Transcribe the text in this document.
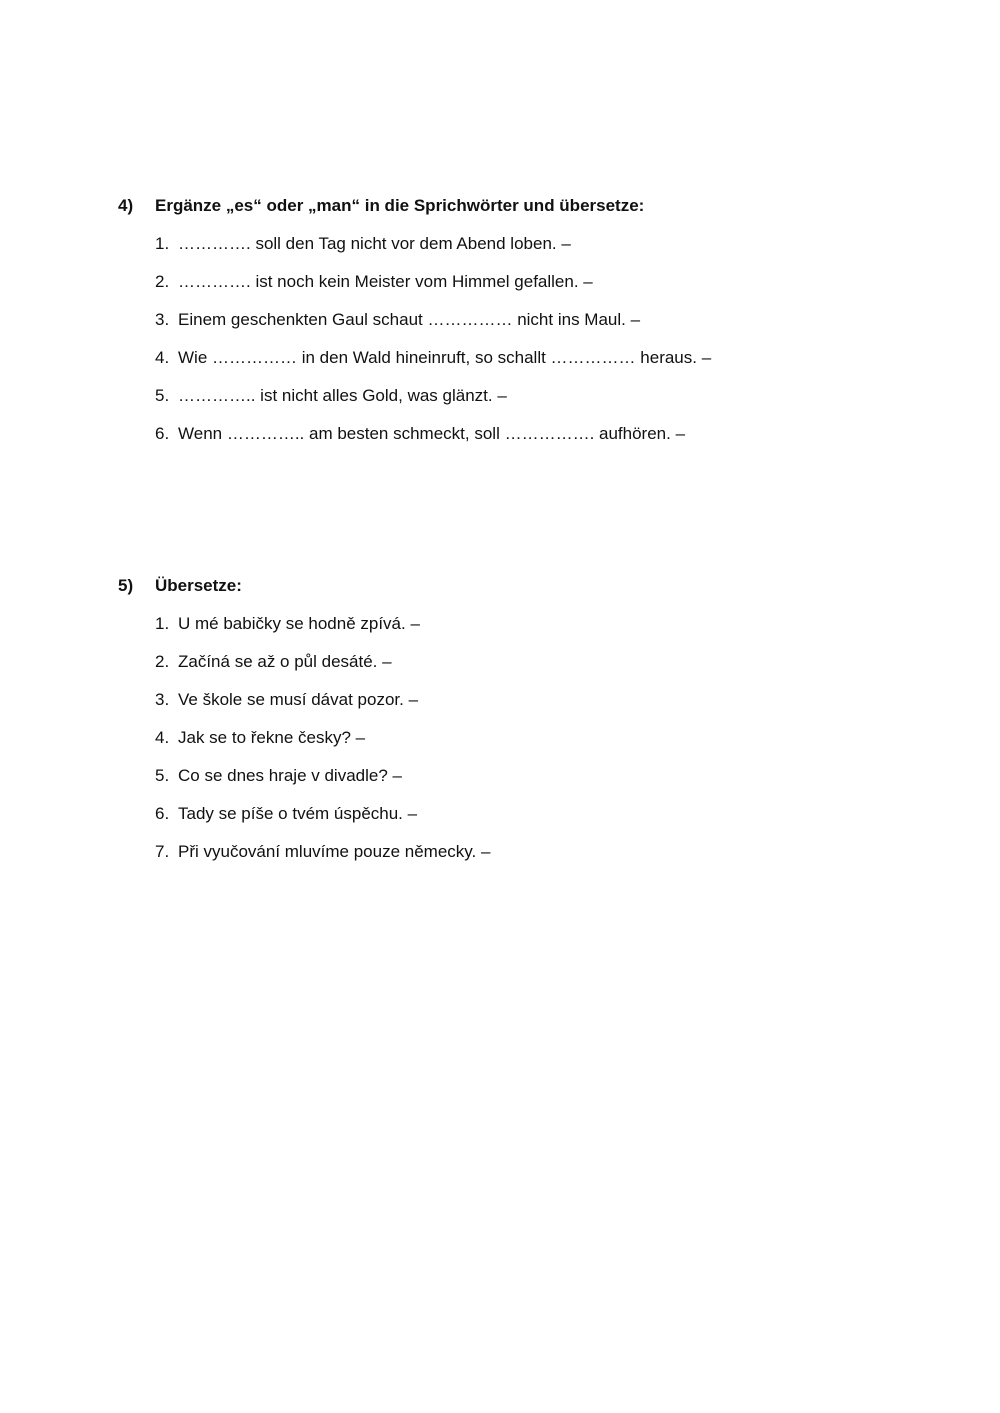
4)	Ergänze „es“ oder „man“ in die Sprichwörter und übersetze:
1. …………. soll den Tag nicht vor dem Abend loben. –
2. …………. ist noch kein Meister vom Himmel gefallen. –
3. Einem geschenkten Gaul schaut …………… nicht ins Maul. –
4. Wie …………… in den Wald hineinruft, so schallt …………… heraus. –
5. ………….. ist nicht alles Gold, was glänzt. –
6. Wenn ………….. am besten schmeckt, soll ……………. aufhören. –
5)	Übersetze:
1. U mé babičky se hodně zpívá. –
2. Začíná se až o půl desáté. –
3. Ve škole se musí dávat pozor. –
4. Jak se to řekne česky? –
5. Co se dnes hraje v divadle? –
6. Tady se píše o tvém úspěchu. –
7. Při vyučování mluvíme pouze německy. –
